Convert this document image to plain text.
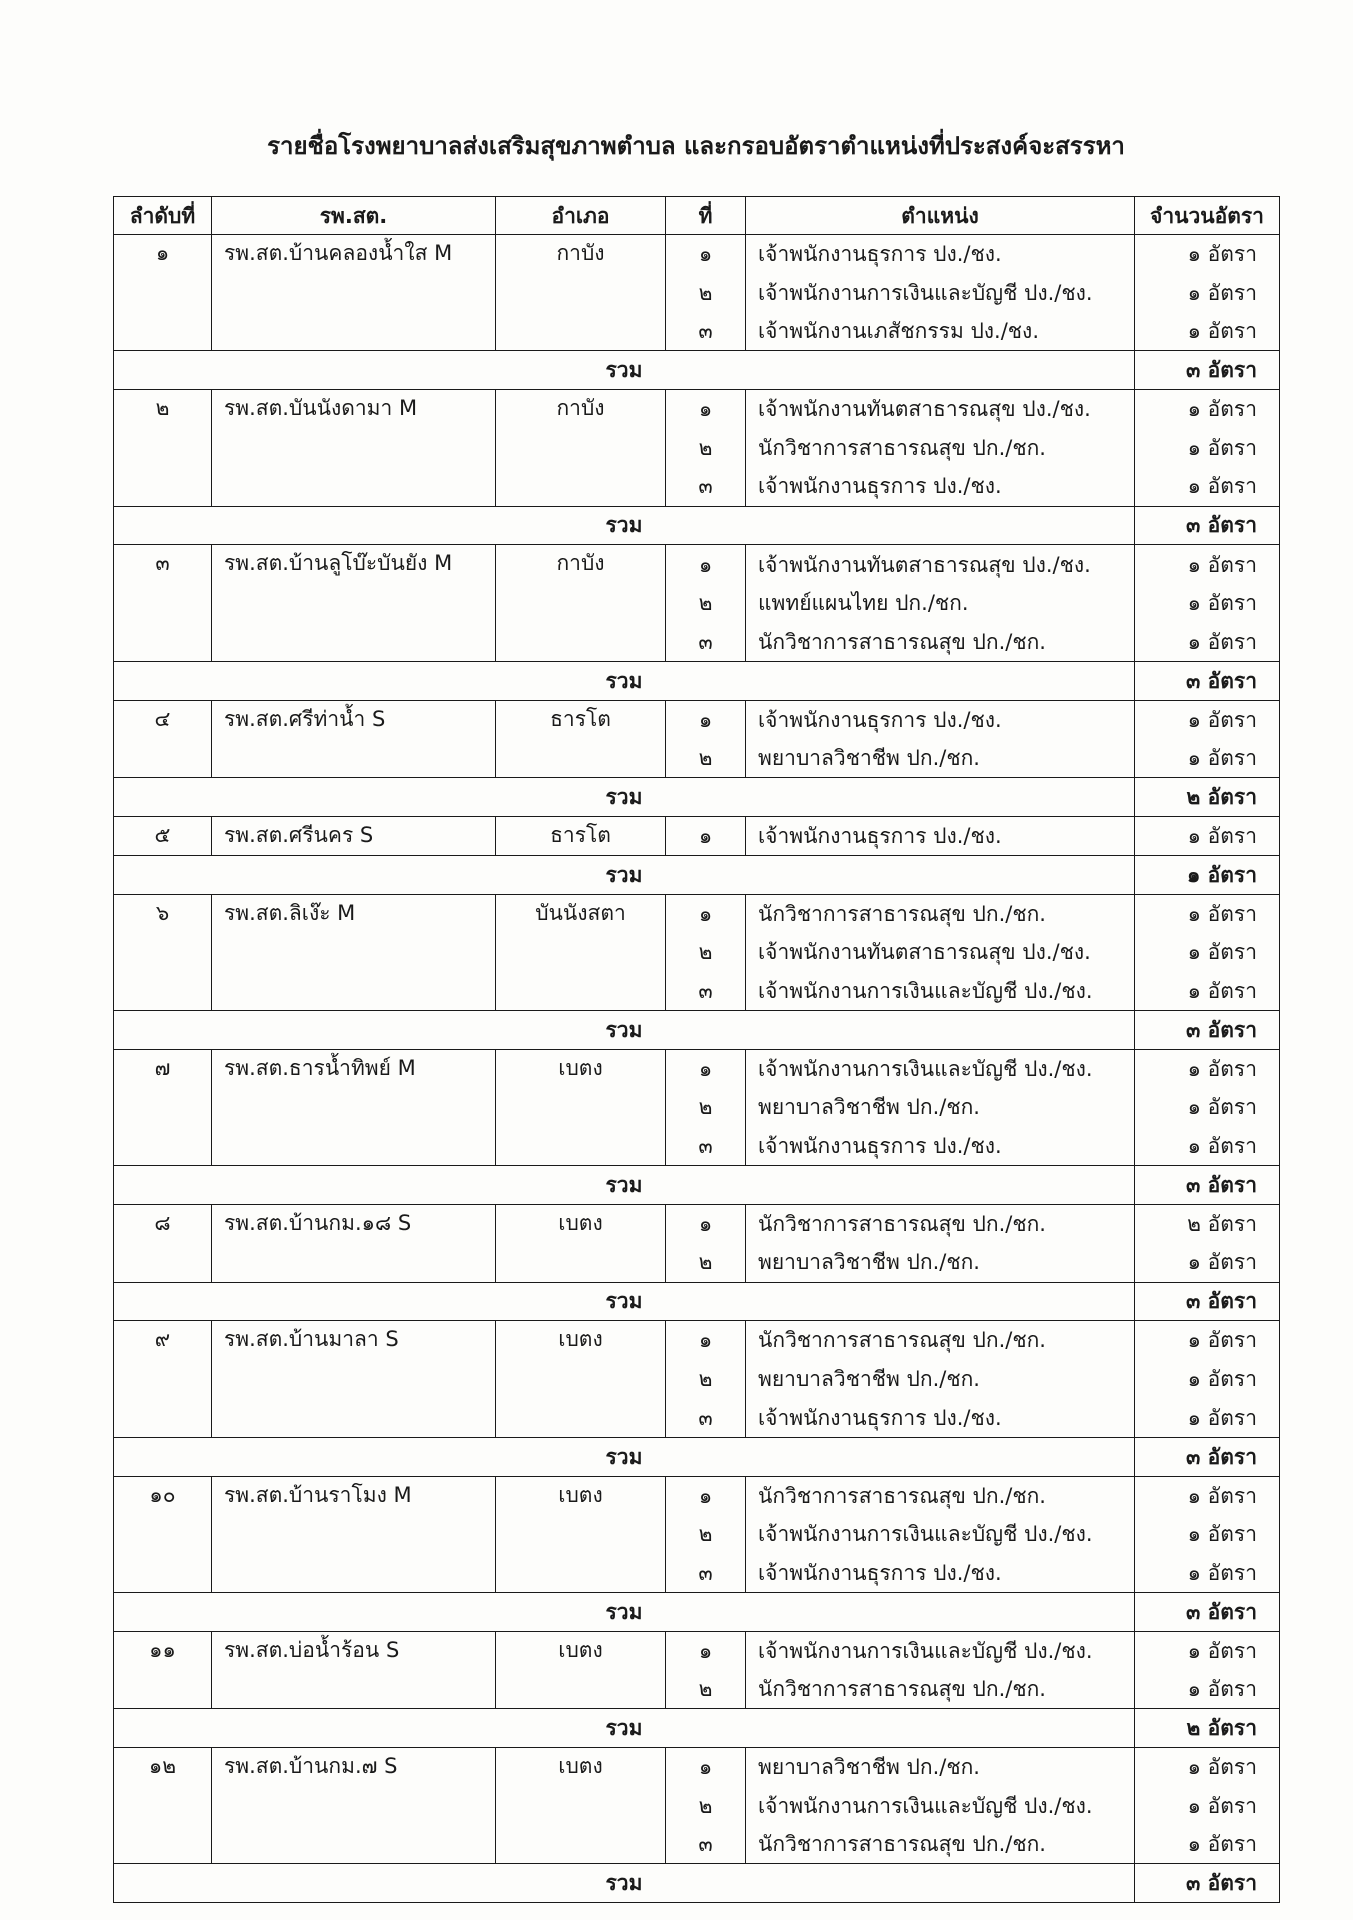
รายชื่อโรงพยาบาลส่งเสริมสุขภาพตำบล และกรอบอัตราตำแหน่งที่ประสงค์จะสรรหา
ลำดับที่	รพ.สต.	อำเภอ	ที่	ตำแหน่ง	จำนวนอัตรา
๑	รพ.สต.บ้านคลองน้ำใส M	กาบัง	๑	เจ้าพนักงานธุรการ ปง./ชง.	๑ อัตรา
			๒	เจ้าพนักงานการเงินและบัญชี ปง./ชง.	๑ อัตรา
			๓	เจ้าพนักงานเภสัชกรรม ปง./ชง.	๑ อัตรา
รวม					๓ อัตรา
๒	รพ.สต.บันนังดามา M	กาบัง	๑	เจ้าพนักงานทันตสาธารณสุข ปง./ชง.	๑ อัตรา
			๒	นักวิชาการสาธารณสุข ปก./ชก.	๑ อัตรา
			๓	เจ้าพนักงานธุรการ ปง./ชง.	๑ อัตรา
รวม					๓ อัตรา
๓	รพ.สต.บ้านลูโบ๊ะบันยัง M	กาบัง	๑	เจ้าพนักงานทันตสาธารณสุข ปง./ชง.	๑ อัตรา
			๒	แพทย์แผนไทย ปก./ชก.	๑ อัตรา
			๓	นักวิชาการสาธารณสุข ปก./ชก.	๑ อัตรา
รวม					๓ อัตรา
๔	รพ.สต.ศรีท่าน้ำ S	ธารโต	๑	เจ้าพนักงานธุรการ ปง./ชง.	๑ อัตรา
			๒	พยาบาลวิชาชีพ ปก./ชก.	๑ อัตรา
รวม					๒ อัตรา
๕	รพ.สต.ศรีนคร S	ธารโต	๑	เจ้าพนักงานธุรการ ปง./ชง.	๑ อัตรา
รวม					๑ อัตรา
๖	รพ.สต.ลิเง๊ะ M	บันนังสตา	๑	นักวิชาการสาธารณสุข ปก./ชก.	๑ อัตรา
			๒	เจ้าพนักงานทันตสาธารณสุข ปง./ชง.	๑ อัตรา
			๓	เจ้าพนักงานการเงินและบัญชี ปง./ชง.	๑ อัตรา
รวม					๓ อัตรา
๗	รพ.สต.ธารน้ำทิพย์ M	เบตง	๑	เจ้าพนักงานการเงินและบัญชี ปง./ชง.	๑ อัตรา
			๒	พยาบาลวิชาชีพ ปก./ชก.	๑ อัตรา
			๓	เจ้าพนักงานธุรการ ปง./ชง.	๑ อัตรา
รวม					๓ อัตรา
๘	รพ.สต.บ้านกม.๑๘ S	เบตง	๑	นักวิชาการสาธารณสุข ปก./ชก.	๒ อัตรา
			๒	พยาบาลวิชาชีพ ปก./ชก.	๑ อัตรา
รวม					๓ อัตรา
๙	รพ.สต.บ้านมาลา S	เบตง	๑	นักวิชาการสาธารณสุข ปก./ชก.	๑ อัตรา
			๒	พยาบาลวิชาชีพ ปก./ชก.	๑ อัตรา
			๓	เจ้าพนักงานธุรการ ปง./ชง.	๑ อัตรา
รวม					๓ อัตรา
๑๐	รพ.สต.บ้านราโมง M	เบตง	๑	นักวิชาการสาธารณสุข ปก./ชก.	๑ อัตรา
			๒	เจ้าพนักงานการเงินและบัญชี ปง./ชง.	๑ อัตรา
			๓	เจ้าพนักงานธุรการ ปง./ชง.	๑ อัตรา
รวม					๓ อัตรา
๑๑	รพ.สต.บ่อน้ำร้อน S	เบตง	๑	เจ้าพนักงานการเงินและบัญชี ปง./ชง.	๑ อัตรา
			๒	นักวิชาการสาธารณสุข ปก./ชก.	๑ อัตรา
รวม					๒ อัตรา
๑๒	รพ.สต.บ้านกม.๗ S	เบตง	๑	พยาบาลวิชาชีพ ปก./ชก.	๑ อัตรา
			๒	เจ้าพนักงานการเงินและบัญชี ปง./ชง.	๑ อัตรา
			๓	นักวิชาการสาธารณสุข ปก./ชก.	๑ อัตรา
รวม					๓ อัตรา
